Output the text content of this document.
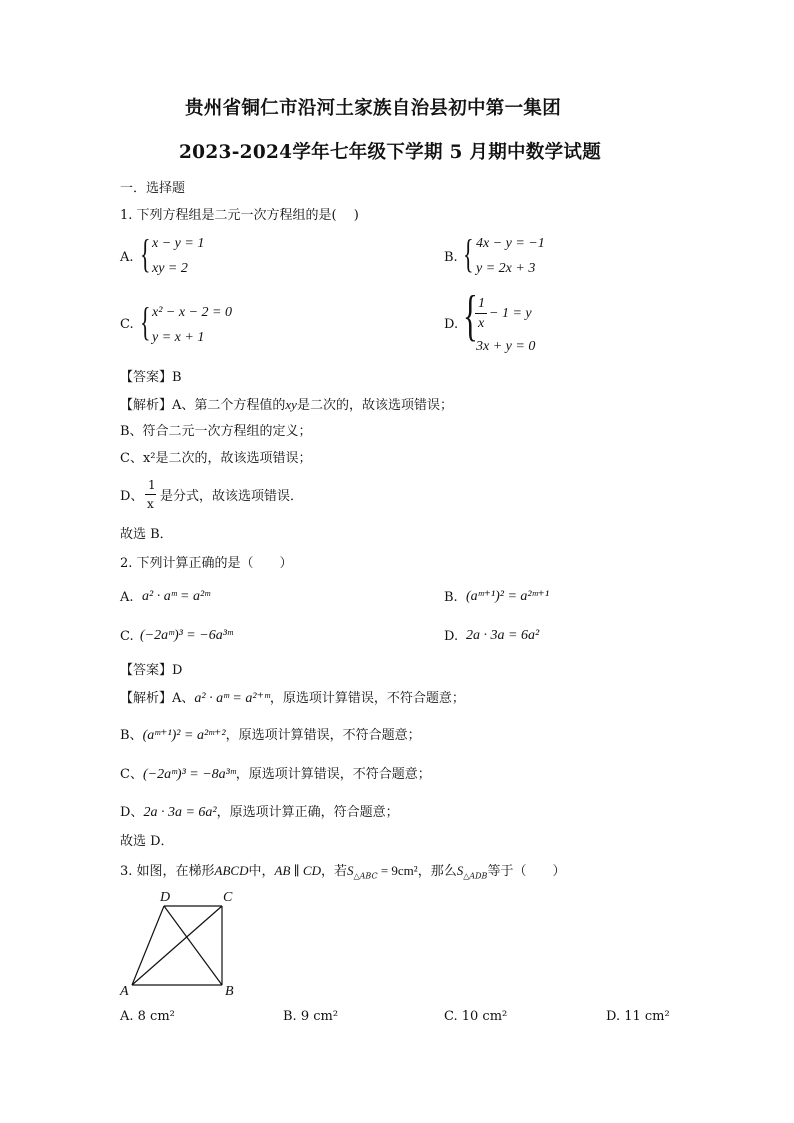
贵州省铜仁市沿河土家族自治县初中第一集团
2023-2024学年七年级下学期 5 月期中数学试题
一．选择题
1. 下列方程组是二元一次方程组的是(　 )
A. { x − y = 1
xy = 2
B. { 4x − y = −1
y = 2x + 3
C. { x² − x − 2 = 0
y = x + 1
D. { 1
x
− 1 = y
3x + y = 0
【答案】B
【解析】A、第二个方程值的xy是二次的，故该选项错误；
B、符合二元一次方程组的定义；
C、x²是二次的，故该选项错误；
D、
1
x 是分式，故该选项错误．
故选 B．
2. 下列计算正确的是（　　）
A. a² · aᵐ = a²ᵐ	B. (aᵐ⁺¹)² = a²ᵐ⁺¹
C. (−2aᵐ)³ = −6a³ᵐ	D. 2a · 3a = 6a²
【答案】D
【解析】A、a² · aᵐ = a²⁺ᵐ，原选项计算错误，不符合题意；
B、(aᵐ⁺¹)² = a²ᵐ⁺²，原选项计算错误，不符合题意；
C、(−2aᵐ)³ = −8a³ᵐ，原选项计算错误，不符合题意；
D、2a · 3a = 6a²，原选项计算正确，符合题意；
故选 D．
3. 如图，在梯形ABCD中，AB ∥ CD，若$S_{\triangle ABC} = 9cm^2$，那么$S_{\triangle ADB}$等于（　　）
D	C
A	B
A. 8 cm²	B. 9 cm²	C. 10 cm²	D. 11 cm²
